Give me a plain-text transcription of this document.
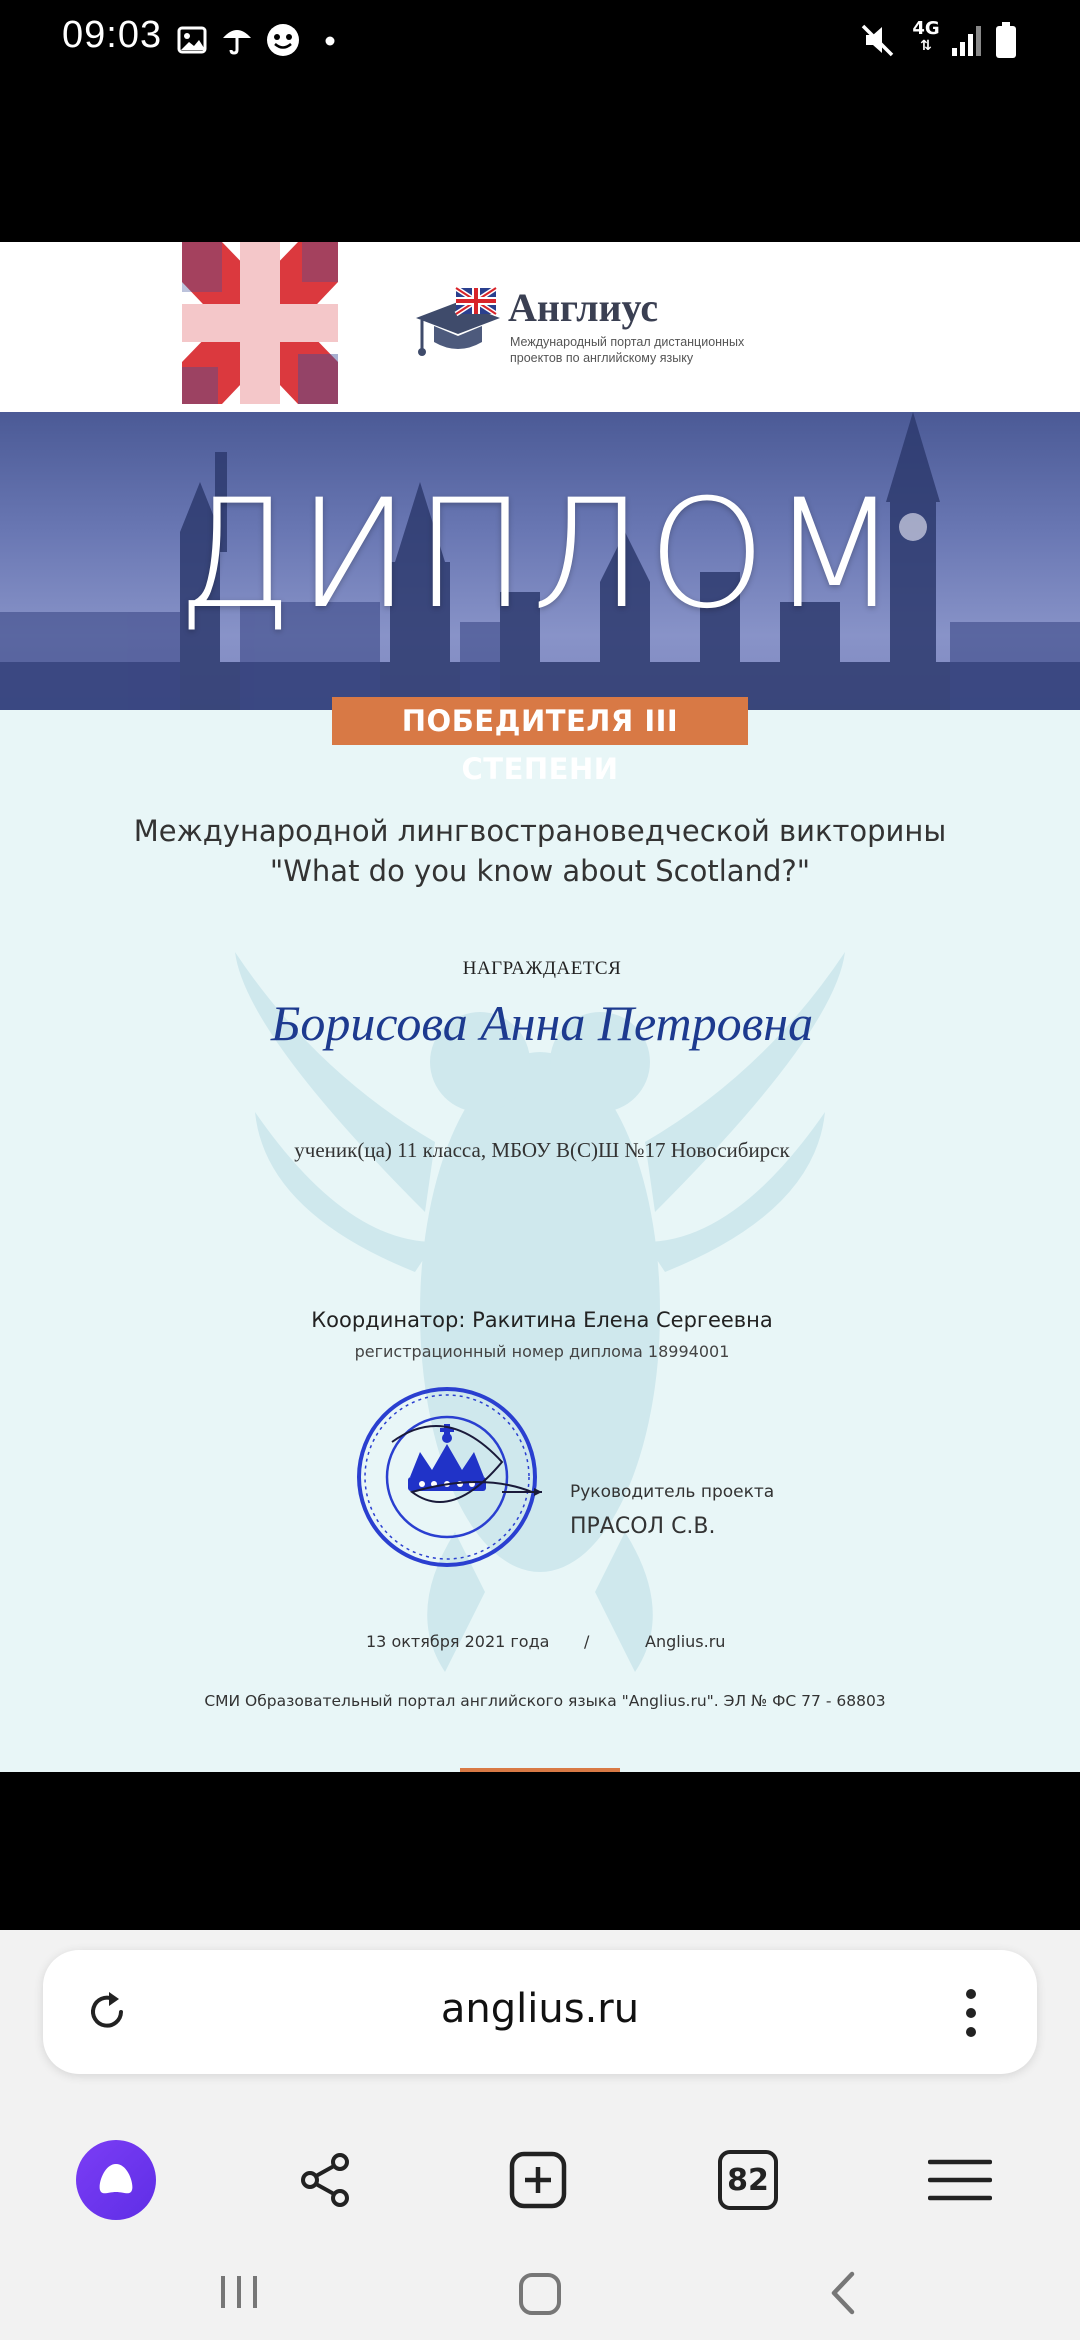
09:03	4G
⇅
Англиус
Международный портал дистанционных проектов по английскому языку
ДИПЛОМ
ПОБЕДИТЕЛЯ III СТЕПЕНИ
Международной лингвострановедческой викторины
"What do you know about Scotland?"
НАГРАЖДАЕТСЯ
Борисова Анна Петровна
ученик(ца) 11 класса, МБОУ В(С)Ш №17 Новосибирск
Координатор: Ракитина Елена Сергеевна
регистрационный номер диплома 18994001
Руководитель проекта
ПРАСОЛ С.В.
13 октября 2021 года /	Anglius.ru
СМИ Образовательный портал английского языка "Anglius.ru". ЭЛ № ФС 77 - 68803
anglius.ru
82
